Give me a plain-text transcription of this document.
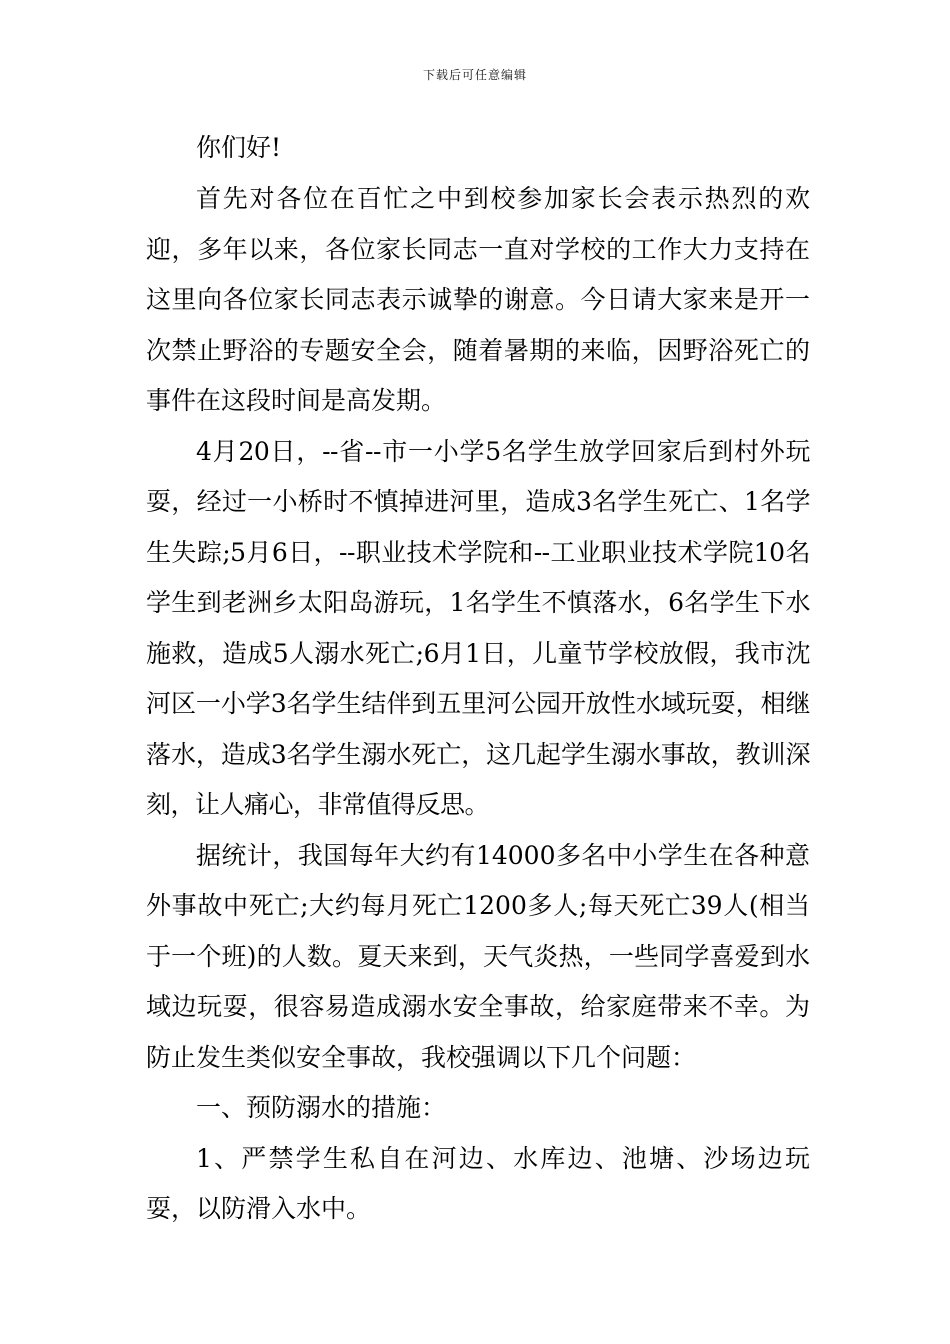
下载后可任意编辑

你们好!

首先对各位在百忙之中到校参加家长会表示热烈的欢迎，多年以来，各位家长同志一直对学校的工作大力支持在这里向各位家长同志表示诚挚的谢意。今日请大家来是开一次禁止野浴的专题安全会，随着暑期的来临，因野浴死亡的事件在这段时间是高发期。

4月20日，--省--市一小学5名学生放学回家后到村外玩耍，经过一小桥时不慎掉进河里，造成3名学生死亡、1名学生失踪;5月6日，--职业技术学院和--工业职业技术学院10名学生到老洲乡太阳岛游玩，1名学生不慎落水，6名学生下水施救，造成5人溺水死亡;6月1日，儿童节学校放假，我市沈河区一小学3名学生结伴到五里河公园开放性水域玩耍，相继落水，造成3名学生溺水死亡，这几起学生溺水事故，教训深刻，让人痛心，非常值得反思。

据统计，我国每年大约有14000多名中小学生在各种意外事故中死亡;大约每月死亡1200多人;每天死亡39人(相当于一个班)的人数。夏天来到，天气炎热，一些同学喜爱到水域边玩耍，很容易造成溺水安全事故，给家庭带来不幸。为防止发生类似安全事故，我校强调以下几个问题：

一、预防溺水的措施：

1、严禁学生私自在河边、水库边、池塘、沙场边玩耍，以防滑入水中。
